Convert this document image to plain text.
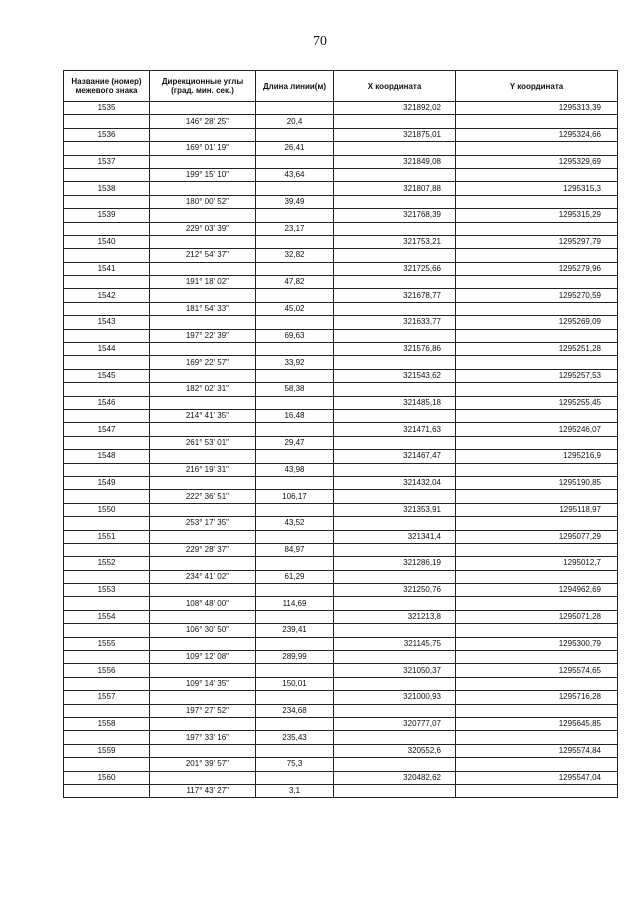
70
Название (номер) межевого знака	Дирекционные углы (град. мин. сек.)	Длина линии(м)	X координата	Y координата
1535			321892,02	1295313,39
	146° 28' 25"	20,4		
1536			321875,01	1295324,66
	169° 01' 19"	26,41		
1537			321849,08	1295329,69
	199° 15' 10"	43,64		
1538			321807,88	1295315,3
	180° 00' 52"	39,49		
1539			321768,39	1295315,29
	229° 03' 39"	23,17		
1540			321753,21	1295297,79
	212° 54' 37"	32,82		
1541			321725,66	1295279,96
	191° 18' 02"	47,82		
1542			321678,77	1295270,59
	181° 54' 33"	45,02		
1543			321633,77	1295269,09
	197° 22' 39"	69,63		
1544			321576,86	1295251,28
	169° 22' 57"	33,92		
1545			321543,62	1295257,53
	182° 02' 31"	58,38		
1546			321485,18	1295255,45
	214° 41' 35"	16,48		
1547			321471,63	1295246,07
	261° 53' 01"	29,47		
1548			321467,47	1295216,9
	216° 19' 31"	43,98		
1549			321432,04	1295190,85
	222° 36' 51"	106,17		
1550			321353,91	1295118,97
	253° 17' 35"	43,52		
1551			321341,4	1295077,29
	229° 28' 37"	84,97		
1552			321286,19	1295012,7
	234° 41' 02"	61,29		
1553			321250,76	1294962,69
	108° 48' 00"	114,69		
1554			321213,8	1295071,28
	106° 30' 50"	239,41		
1555			321145,75	1295300,79
	109° 12' 08"	289,99		
1556			321050,37	1295574,65
	109° 14' 35"	150,01		
1557			321000,93	1295716,28
	197° 27' 52"	234,68		
1558			320777,07	1295645,85
	197° 33' 16"	235,43		
1559			320552,6	1295574,84
	201° 39' 57"	75,3		
1560			320482,62	1295547,04
	117° 43' 27"	3,1		
